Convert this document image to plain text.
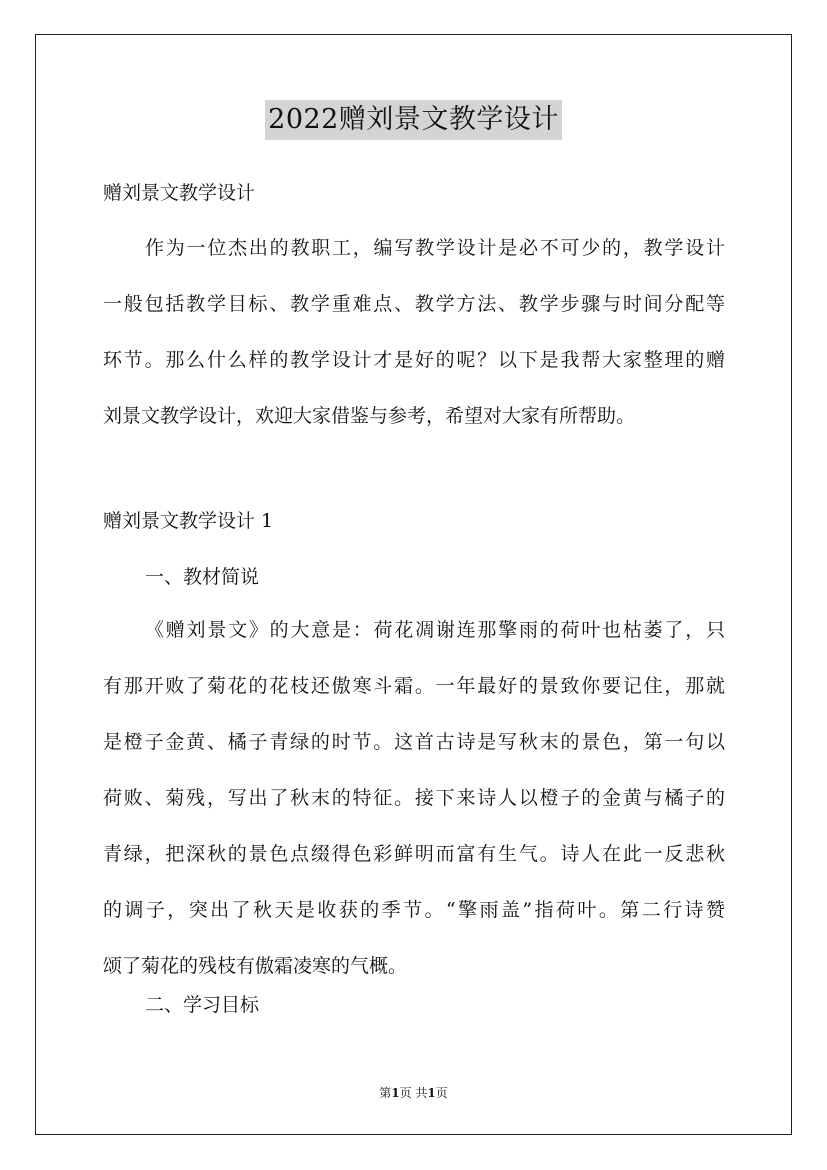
2022赠刘景文教学设计
赠刘景文教学设计
作为一位杰出的教职工，编写教学设计是必不可少的，教学设计
一般包括教学目标、教学重难点、教学方法、教学步骤与时间分配等
环节。那么什么样的教学设计才是好的呢？以下是我帮大家整理的赠
刘景文教学设计，欢迎大家借鉴与参考，希望对大家有所帮助。
赠刘景文教学设计 1
一、教材简说
《赠刘景文》的大意是：荷花凋谢连那擎雨的荷叶也枯萎了，只
有那开败了菊花的花枝还傲寒斗霜。一年最好的景致你要记住，那就
是橙子金黄、橘子青绿的时节。这首古诗是写秋末的景色，第一句以
荷败、菊残，写出了秋末的特征。接下来诗人以橙子的金黄与橘子的
青绿，把深秋的景色点缀得色彩鲜明而富有生气。诗人在此一反悲秋
的调子，突出了秋天是收获的季节。“擎雨盖”指荷叶。第二行诗赞
颂了菊花的残枝有傲霜凌寒的气概。
二、学习目标
第1页 共1页
